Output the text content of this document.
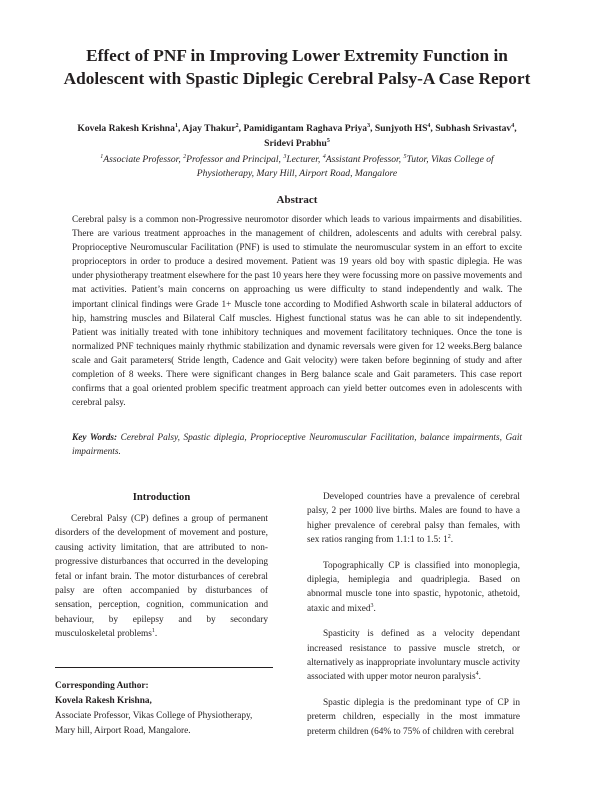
Effect of PNF in Improving Lower Extremity Function in
Adolescent with Spastic Diplegic Cerebral Palsy-A Case Report
Kovela Rakesh Krishna$^1$, Ajay Thakur$^2$, Pamidigantam Raghava Priya$^3$, Sunjyoth $HS^4$, Subhash Srivastav$^4$,
Sridevi Prabhu$^5$
$^1$Associate Professor, $^2$Professor and Principal, $^3$Lecturer, $^4$Assistant Professor, $^5$Tutor, Vikas College of
Physiotherapy, Mary Hill, Airport Road, Mangalore
Abstract

Cerebral palsy is a common non-Progressive neuromotor disorder which leads to various impairments and disabilities. There are various treatment approaches in the management of children, adolescents and adults with cerebral palsy. Proprioceptive Neuromuscular Facilitation (PNF) is used to stimulate the neuromuscular system in an effort to excite proprioceptors in order to produce a desired movement. Patient was 19 years old boy with spastic diplegia. He was under physiotherapy treatment elsewhere for the past 10 years here they were focussing more on passive movements and mat activities. Patient’s main concerns on approaching us were difficulty to stand independently and walk. The important clinical findings were Grade 1+ Muscle tone according to Modified Ashworth scale in bilateral adductors of hip, hamstring muscles and Bilateral Calf muscles. Highest functional status was he can able to sit independently. Patient was initially treated with tone inhibitory techniques and movement facilitatory techniques. Once the tone is normalized PNF techniques mainly rhythmic stabilization and dynamic reversals were given for 12 weeks.Berg balance scale and Gait parameters( Stride length, Cadence and Gait velocity) were taken before beginning of study and after completion of 8 weeks. There were significant changes in Berg balance scale and Gait parameters. This case report confirms that a goal oriented problem specific treatment approach can yield better outcomes even in adolescents with cerebral palsy.

Key Words: Cerebral Palsy, Spastic diplegia, Proprioceptive Neuromuscular Facilitation, balance impairments, Gait impairments.

Introduction

Cerebral Palsy (CP) defines a group of permanent disorders of the development of movement and posture, causing activity limitation, that are attributed to non-progressive disturbances that occurred in the developing fetal or infant brain. The motor disturbances of cerebral palsy are often accompanied by disturbances of sensation, perception, cognition, communication and behaviour, by epilepsy and by secondary musculoskeletal problems$^1$.

Corresponding Author:
Kovela Rakesh Krishna,
Associate Professor, Vikas College of Physiotherapy,
Mary hill, Airport Road, Mangalore.

Developed countries have a prevalence of cerebral palsy, 2 per 1000 live births. Males are found to have a higher prevalence of cerebral palsy than females, with sex ratios ranging from 1.1:1 to 1.5: $1^2$.

Topographically CP is classified into monoplegia, diplegia, hemiplegia and quadriplegia. Based on abnormal muscle tone into spastic, hypotonic, athetoid, ataxic and mixed$^3$.

Spasticity is defined as a velocity dependant increased resistance to passive muscle stretch, or alternatively as inappropriate involuntary muscle activity associated with upper motor neuron paralysis$^4$.

Spastic diplegia is the predominant type of CP in preterm children, especially in the most immature preterm children (64% to 75% of children with cerebral
